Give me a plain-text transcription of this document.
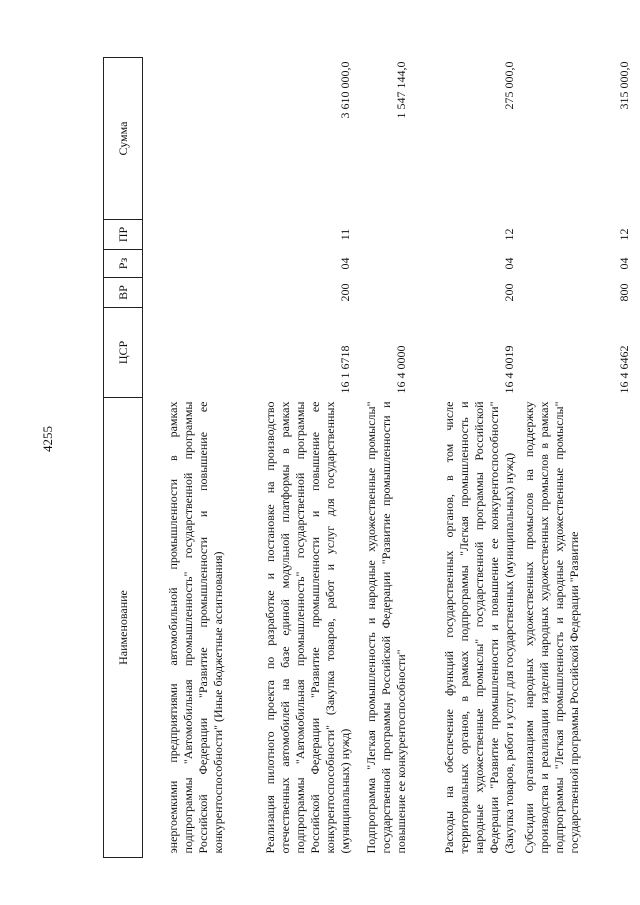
4255
Наименование	ЦСР	ВР	Рз	ПР	Сумма
энергоемкими предприятиями автомобильной промышленности в рамках подпрограммы "Автомобильная промышленность" государственной программы Российской Федерации "Развитие промышленности и повышение ее конкурентоспособности" (Иные бюджетные ассигнования)					
Реализация пилотного проекта по разработке и постановке на производство отечественных автомобилей на базе единой модульной платформы в рамках подпрограммы "Автомобильная промышленность" государственной программы Российской Федерации "Развитие промышленности и повышение ее конкурентоспособности" (Закупка товаров, работ и услуг для государственных (муниципальных) нужд)	16 1 6718	200	04	11	3 610 000,0
Подпрограмма "Легкая промышленность и народные художественные промыслы" государственной программы Российской Федерации "Развитие промышленности и повышение ее конкурентоспособности"	16 4 0000				1 547 144,0
Расходы на обеспечение функций государственных органов, в том числе территориальных органов, в рамках подпрограммы "Легкая промышленность и народные художественные промыслы" государственной программы Российской Федерации "Развитие промышленности и повышение ее конкурентоспособности" (Закупка товаров, работ и услуг для государственных (муниципальных) нужд)	16 4 0019	200	04	12	275 000,0
Субсидии организациям народных художественных промыслов на поддержку производства и реализации изделий народных художественных промыслов в рамках подпрограммы "Легкая промышленность и народные художественные промыслы" государственной программы Российской Федерации "Развитие	16 4 6462	800	04	12	315 000,0
